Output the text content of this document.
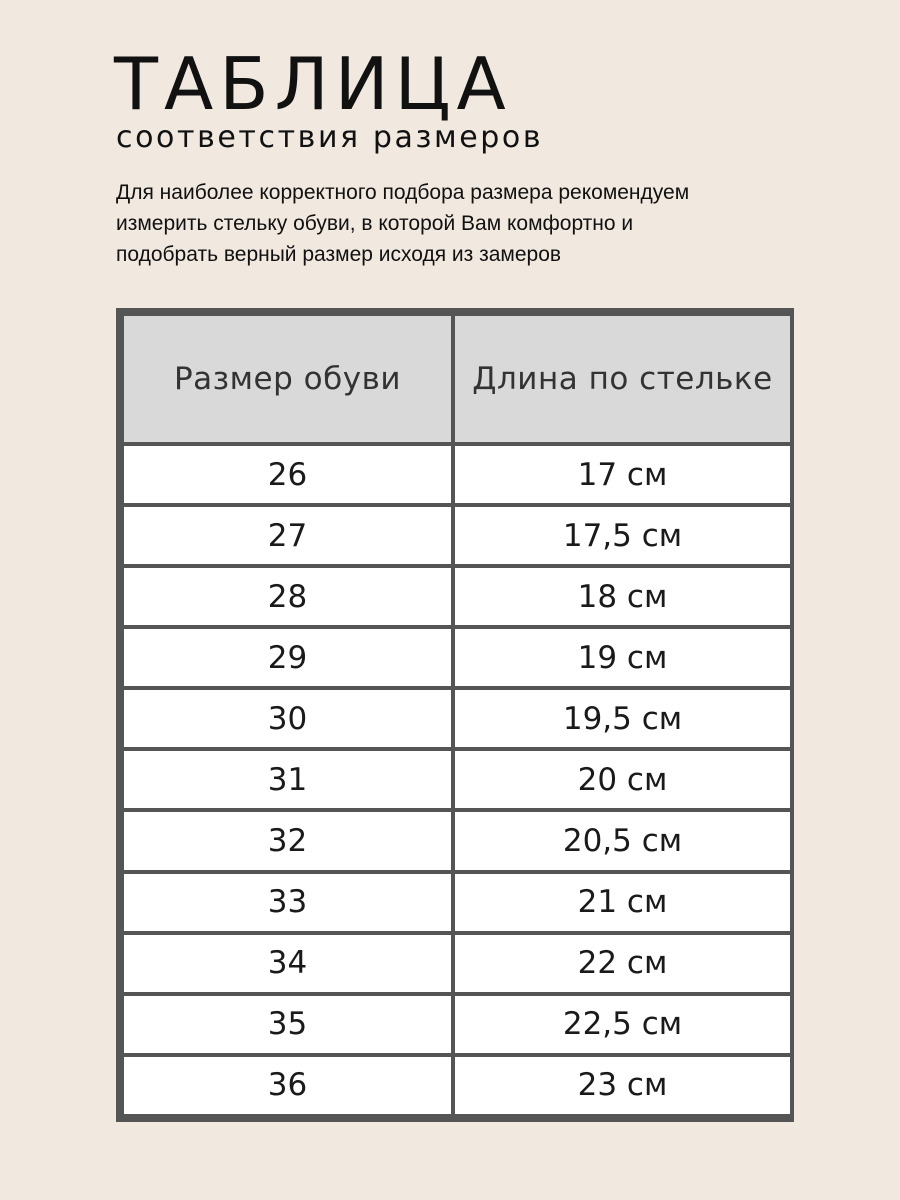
ТАБЛИЦА
соответствия размеров
Для наиболее корректного подбора размера рекомендуем
измерить стельку обуви, в которой Вам комфортно и
подобрать верный размер исходя из замеров
Размер обуви	Длина по стельке
26	17 см
27	17,5 см
28	18 см
29	19 см
30	19,5 см
31	20 см
32	20,5 см
33	21 см
34	22 см
35	22,5 см
36	23 см
